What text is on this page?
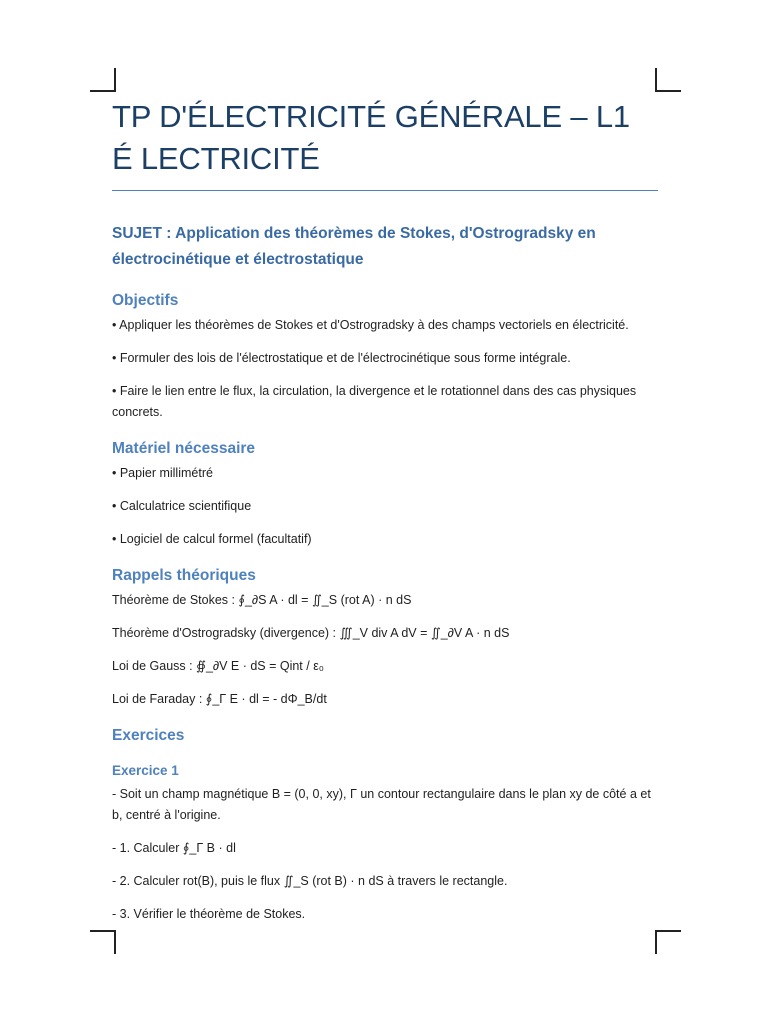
TP D'ÉLECTRICITÉ GÉNÉRALE – L1 É LECTRICITÉ
SUJET : Application des théorèmes de Stokes, d'Ostrogradsky en électrocinétique et électrostatique
Objectifs
• Appliquer les théorèmes de Stokes et d'Ostrogradsky à des champs vectoriels en électricité.
• Formuler des lois de l'électrostatique et de l'électrocinétique sous forme intégrale.
• Faire le lien entre le flux, la circulation, la divergence et le rotationnel dans des cas physiques concrets.
Matériel nécessaire
• Papier millimétré
• Calculatrice scientifique
• Logiciel de calcul formel (facultatif)
Rappels théoriques
Théorème de Stokes : ∮_∂S A · dl = ∬_S (rot A) · n dS
Théorème d'Ostrogradsky (divergence) : ∭_V div A dV = ∬_∂V A · n dS
Loi de Gauss : ∯_∂V E · dS = Qint / ε₀
Loi de Faraday : ∮_Γ E · dl = - dΦ_B/dt
Exercices
Exercice 1
- Soit un champ magnétique B = (0, 0, xy), Γ un contour rectangulaire dans le plan xy de côté a et b, centré à l'origine.
- 1. Calculer ∮_Γ B · dl
- 2. Calculer rot(B), puis le flux ∬_S (rot B) · n dS à travers le rectangle.
- 3. Vérifier le théorème de Stokes.
